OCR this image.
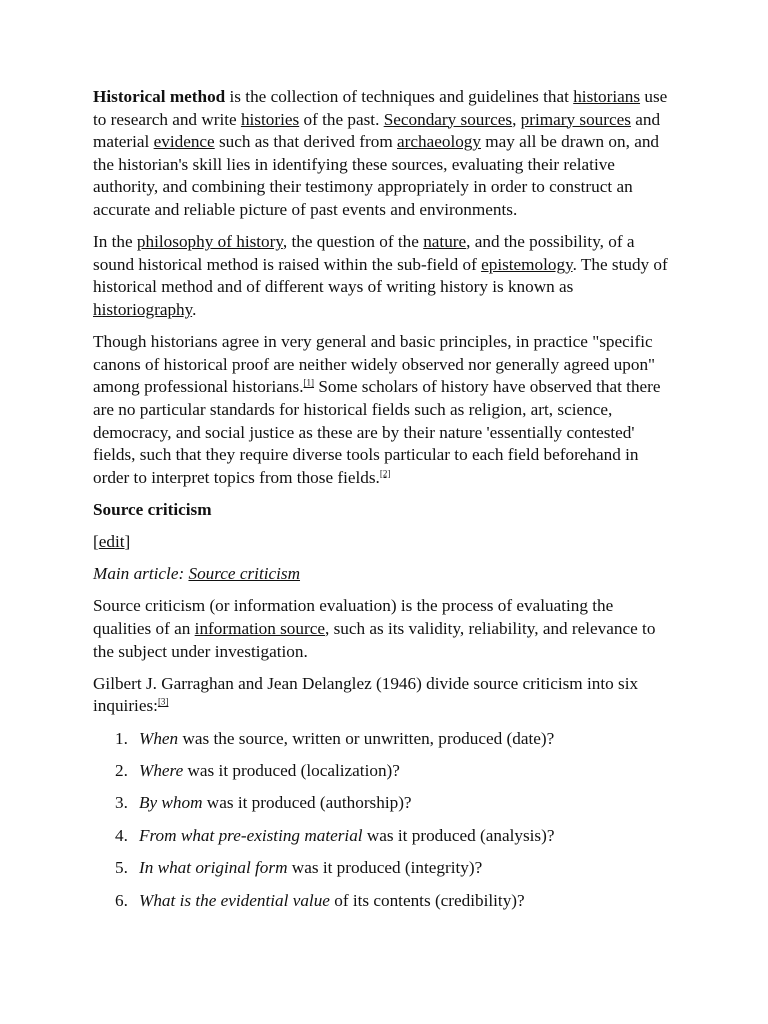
Historical method is the collection of techniques and guidelines that historians use to research and write histories of the past. Secondary sources, primary sources and material evidence such as that derived from archaeology may all be drawn on, and the historian's skill lies in identifying these sources, evaluating their relative authority, and combining their testimony appropriately in order to construct an accurate and reliable picture of past events and environments.

In the philosophy of history, the question of the nature, and the possibility, of a sound historical method is raised within the sub-field of epistemology. The study of historical method and of different ways of writing history is known as historiography.

Though historians agree in very general and basic principles, in practice "specific canons of historical proof are neither widely observed nor generally agreed upon" among professional historians.[1] Some scholars of history have observed that there are no particular standards for historical fields such as religion, art, science, democracy, and social justice as these are by their nature 'essentially contested' fields, such that they require diverse tools particular to each field beforehand in order to interpret topics from those fields.[2]

Source criticism

[edit]

Main article: Source criticism

Source criticism (or information evaluation) is the process of evaluating the qualities of an information source, such as its validity, reliability, and relevance to the subject under investigation.

Gilbert J. Garraghan and Jean Delanglez (1946) divide source criticism into six inquiries:[3]

1. When was the source, written or unwritten, produced (date)?
2. Where was it produced (localization)?
3. By whom was it produced (authorship)?
4. From what pre-existing material was it produced (analysis)?
5. In what original form was it produced (integrity)?
6. What is the evidential value of its contents (credibility)?
